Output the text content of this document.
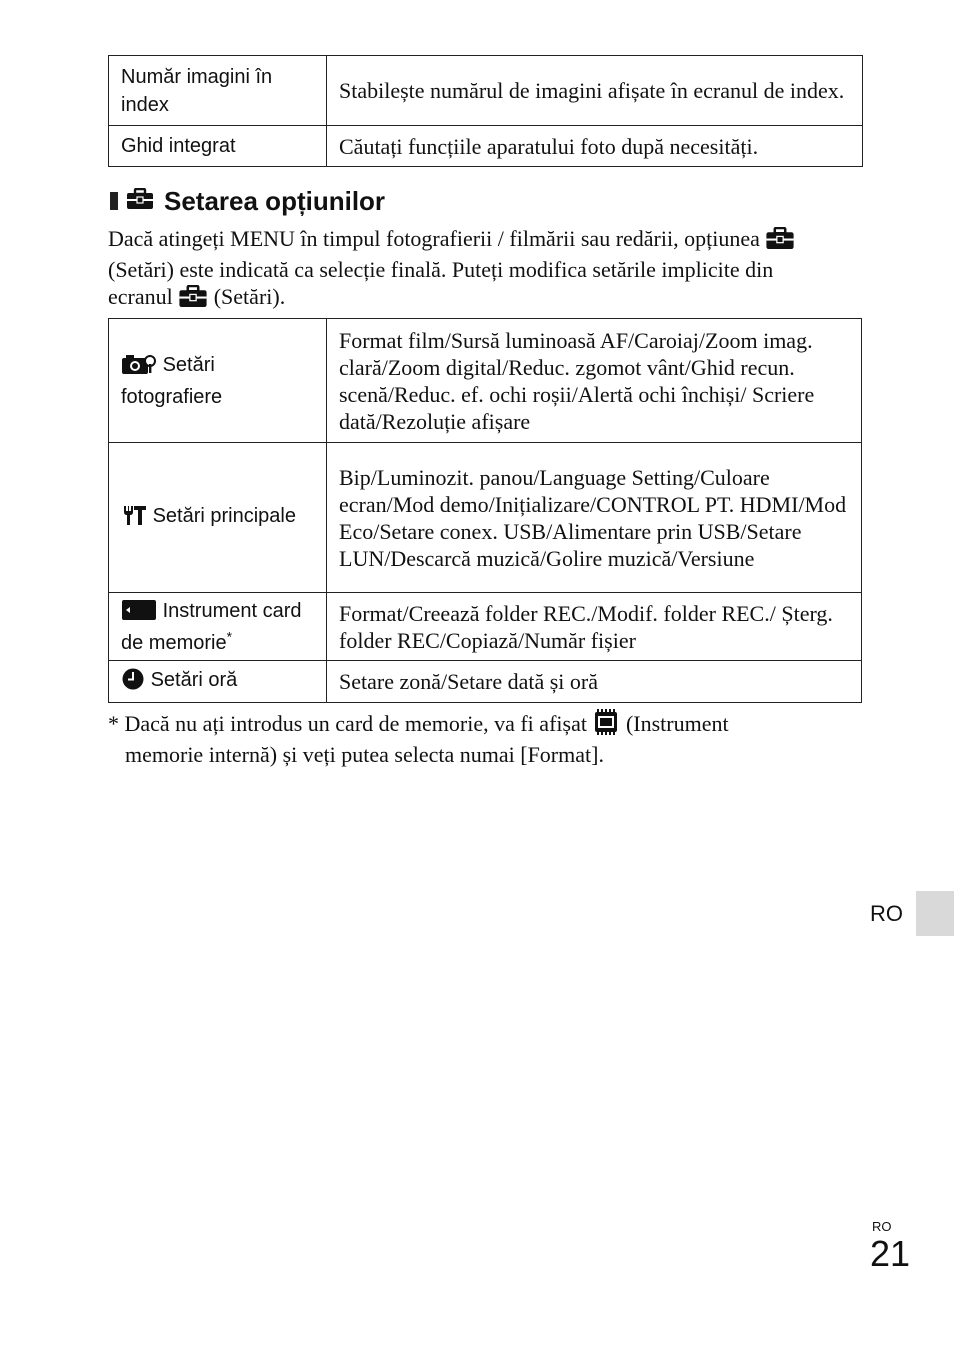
Număr imagini în index	Stabilește numărul de imagini afișate în ecranul de index.
Ghid integrat	Căutați funcțiile aparatului foto după necesități.
Setarea opțiunilor
Dacă atingeți MENU în timpul fotografierii / filmării sau redării, opțiunea  (Setări) este indicată ca selecție finală. Puteți modifica setările implicite din ecranul (Setări).
Setări fotografiere	Format film/Sursă luminoasă AF/Caroiaj/Zoom imag. clară/Zoom digital/Reduc. zgomot vânt/Ghid recun. scenă/Reduc. ef. ochi roșii/Alertă ochi închiși/ Scriere dată/Rezoluție afișare
Setări principale	Bip/Luminozit. panou/Language Setting/Culoare ecran/Mod demo/Inițializare/CONTROL PT. HDMI/Mod Eco/Setare conex. USB/Alimentare prin USB/Setare LUN/Descarcă muzică/Golire muzică/Versiune
Instrument card de memorie*	Format/Creează folder REC./Modif. folder REC./ Șterg. folder REC/Copiază/Număr fișier
Setări oră	Setare zonă/Setare dată și oră
* Dacă nu ați introdus un card de memorie, va fi afișat (Instrument
memorie internă) și veți putea selecta numai [Format].
RO
RO
21
